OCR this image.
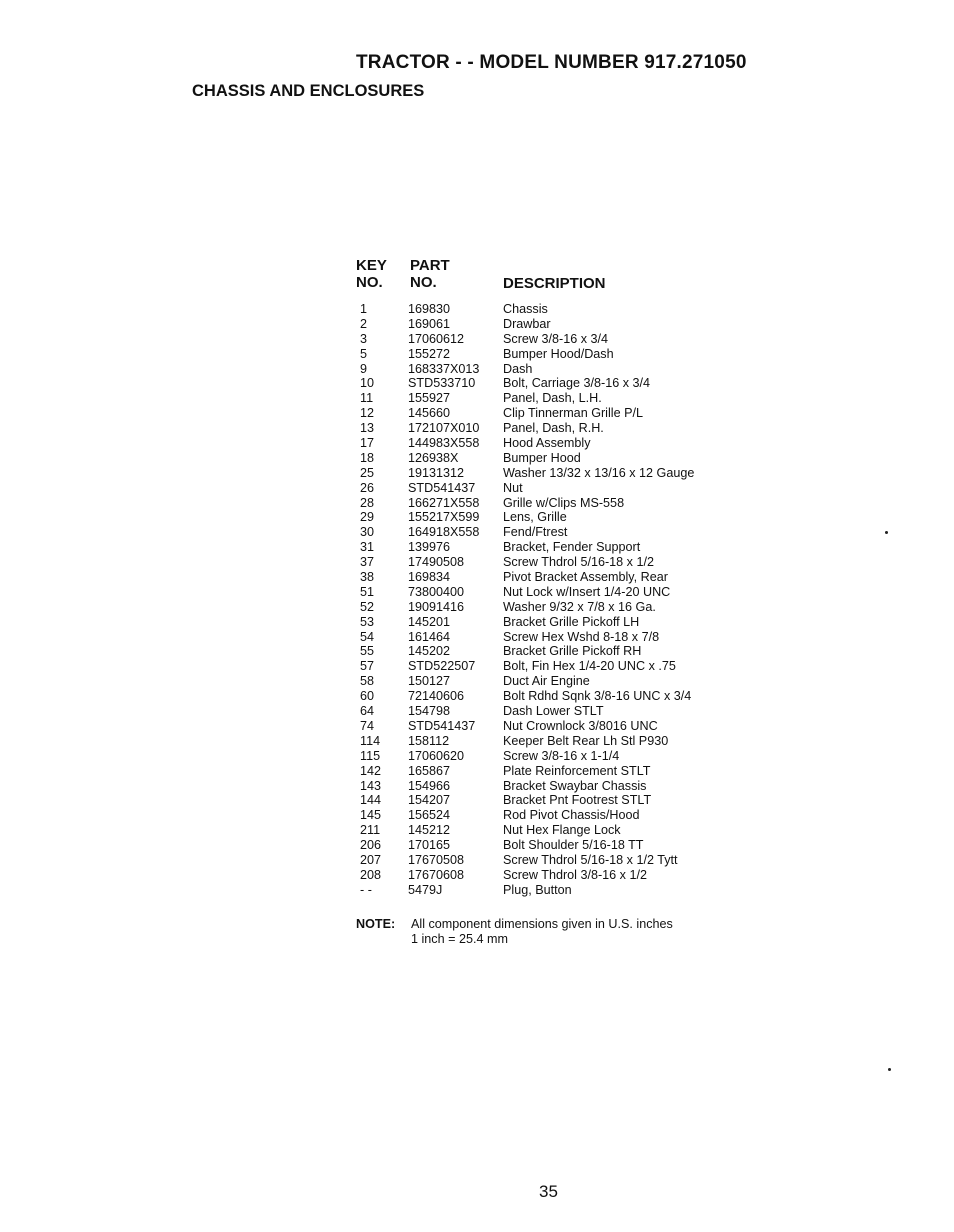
TRACTOR - - MODEL NUMBER 917.271050
CHASSIS AND ENCLOSURES
KEY
NO.
PART
NO.	DESCRIPTION
1	169830	Chassis
2	169061	Drawbar
3	17060612	Screw 3/8-16 x 3/4
5	155272	Bumper Hood/Dash
9	168337X013 Dash
10	STD533710 Bolt, Carriage 3/8-16 x 3/4
11	155927	Panel, Dash, L.H.
12	145660	Clip Tinnerman Grille P/L
13	172107X010 Panel, Dash, R.H.
17	144983X558 Hood Assembly
18	126938X	Bumper Hood
25	19131312	Washer 13/32 x 13/16 x 12 Gauge
26	STD541437 Nut
28	166271X558 Grille w/Clips MS-558
29	155217X599 Lens, Grille
30	164918X558 Fend/Ftrest
31	139976	Bracket, Fender Support
37	17490508	Screw Thdrol 5/16-18 x 1/2
38	169834	Pivot Bracket Assembly, Rear
51	73800400	Nut Lock w/Insert 1/4-20 UNC
52	19091416	Washer 9/32 x 7/8 x 16 Ga.
53	145201	Bracket Grille Pickoff LH
54	161464	Screw Hex Wshd 8-18 x 7/8
55	145202	Bracket Grille Pickoff RH
57	STD522507 Bolt, Fin Hex 1/4-20 UNC x .75
58	150127	Duct Air Engine
60	72140606	Bolt Rdhd Sqnk 3/8-16 UNC x 3/4
64	154798	Dash Lower STLT
74	STD541437 Nut Crownlock 3/8016 UNC
114 158112	Keeper Belt Rear Lh Stl P930
115 17060620	Screw 3/8-16 x 1-1/4
142 165867	Plate Reinforcement STLT
143 154966	Bracket Swaybar Chassis
144 154207	Bracket Pnt Footrest STLT
145 156524	Rod Pivot Chassis/Hood
211 145212	Nut Hex Flange Lock
206 170165	Bolt Shoulder 5/16-18 TT
207 17670508	Screw Thdrol 5/16-18 x 1/2 Tytt
208 17670608	Screw Thdrol 3/8-16 x 1/2
- -	5479J	Plug, Button
NOTE: All component dimensions given in U.S. inches
1 inch = 25.4 mm
35
